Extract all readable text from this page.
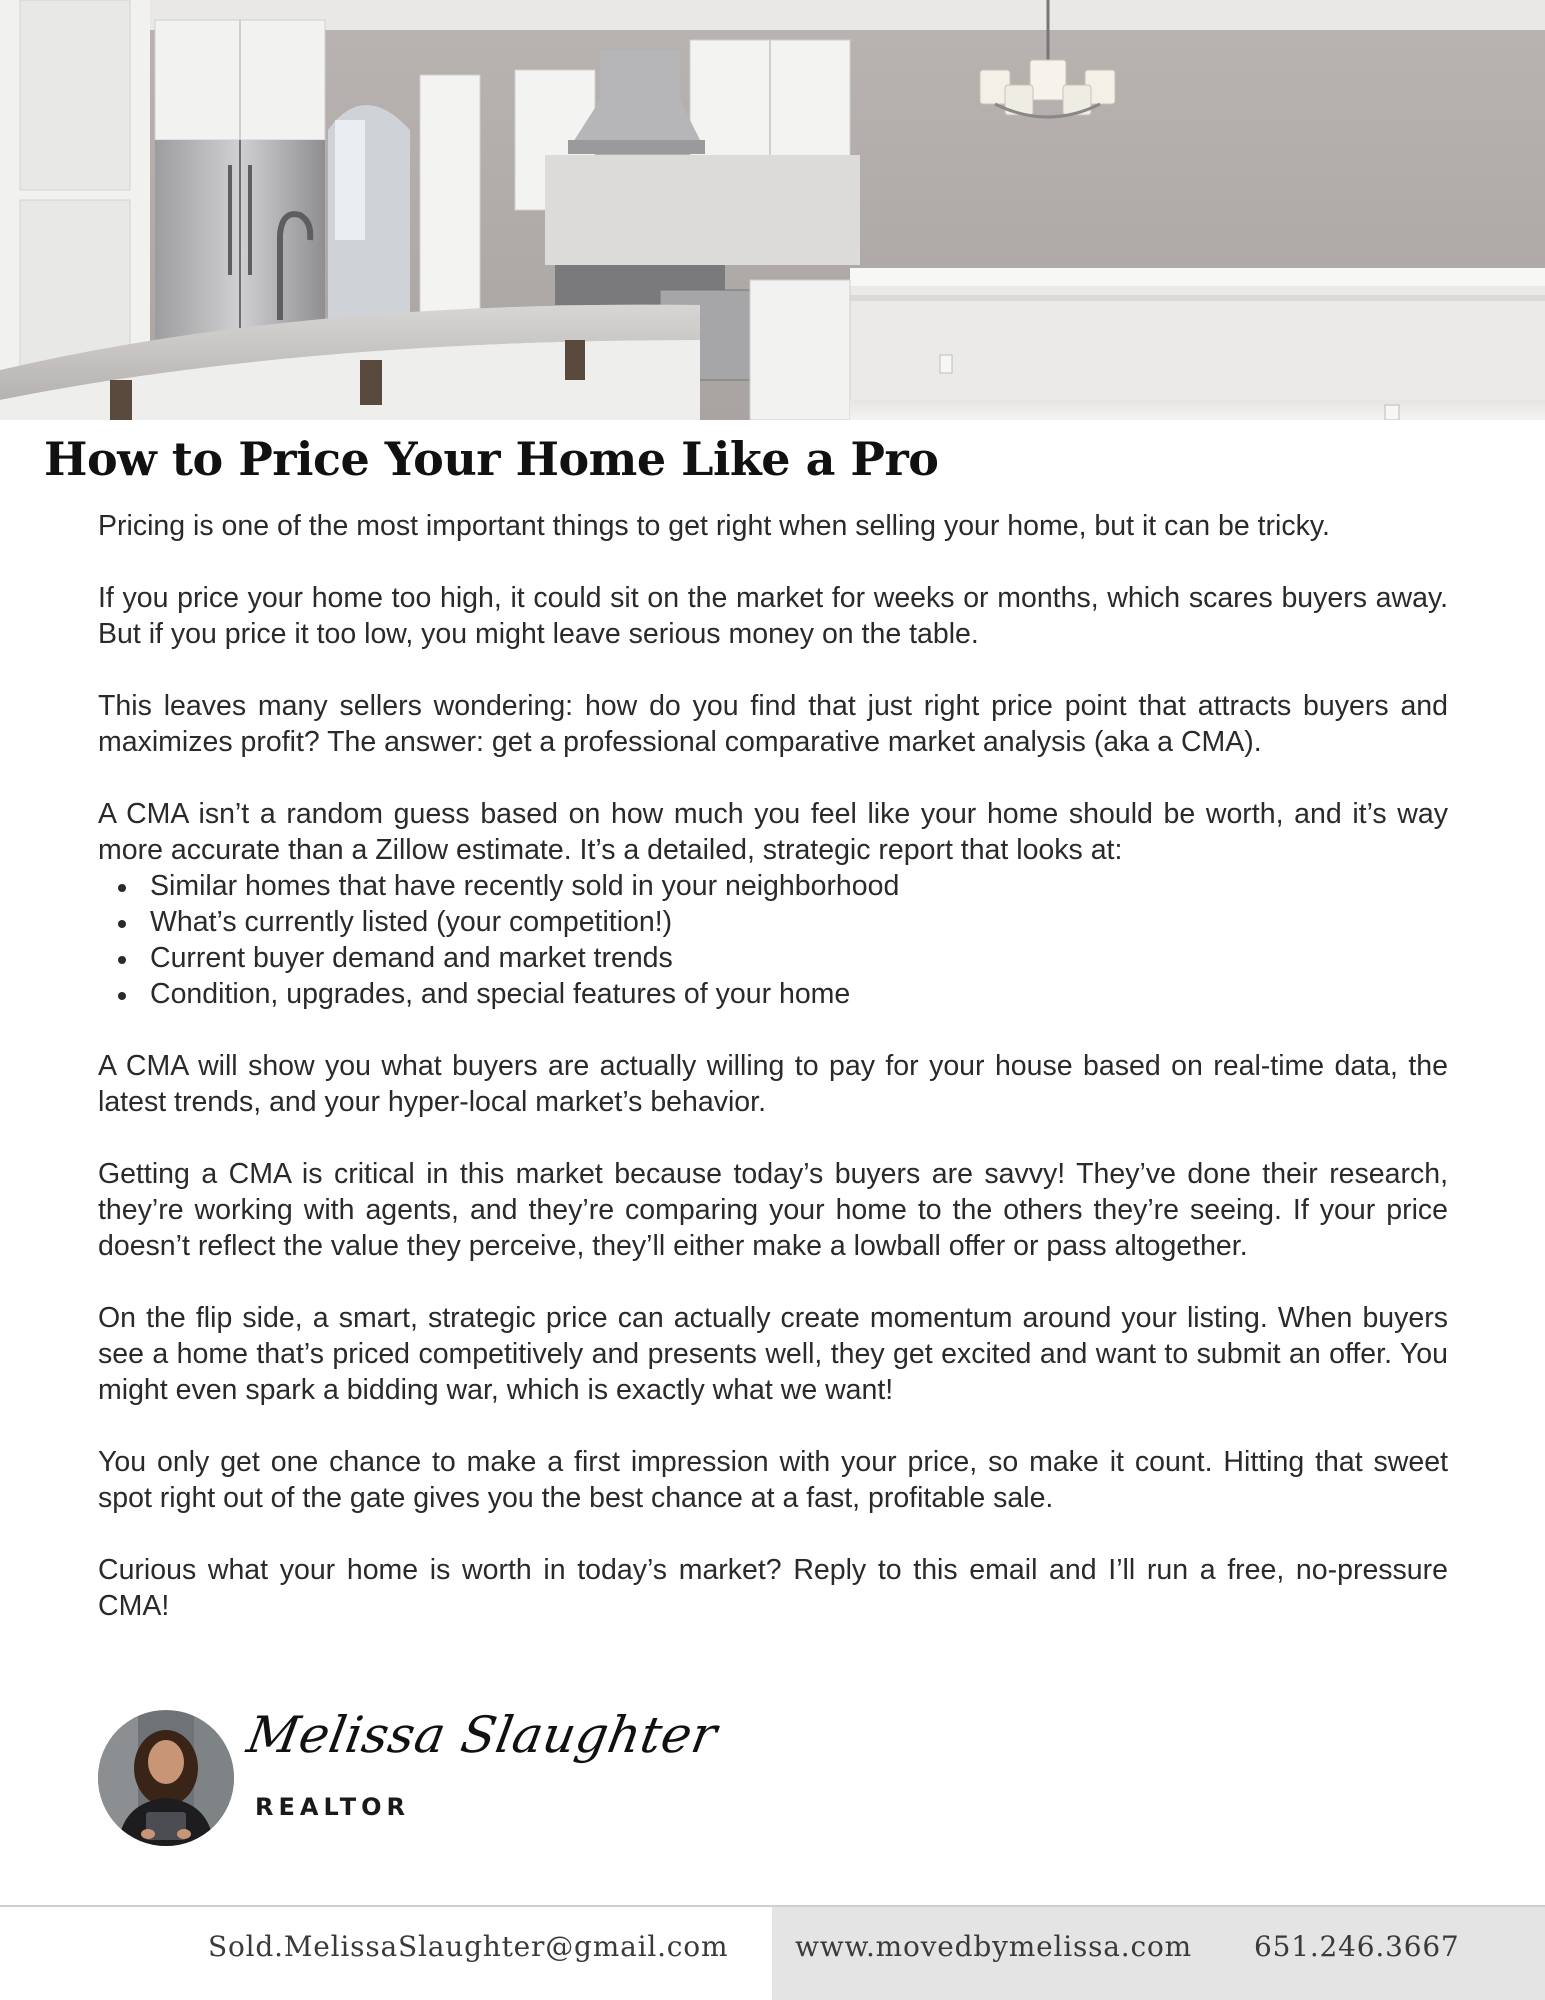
How to Price Your Home Like a Pro

Pricing is one of the most important things to get right when selling your home, but it can be tricky.

If you price your home too high, it could sit on the market for weeks or months, which scares buyers away. But if you price it too low, you might leave serious money on the table.

This leaves many sellers wondering: how do you find that just right price point that attracts buyers and maximizes profit? The answer: get a professional comparative market analysis (aka a CMA).

A CMA isn’t a random guess based on how much you feel like your home should be worth, and it’s way more accurate than a Zillow estimate. It’s a detailed, strategic report that looks at:

Similar homes that have recently sold in your neighborhood
What’s currently listed (your competition!)
Current buyer demand and market trends
Condition, upgrades, and special features of your home

A CMA will show you what buyers are actually willing to pay for your house based on real-time data, the latest trends, and your hyper-local market’s behavior.

Getting a CMA is critical in this market because today’s buyers are savvy! They’ve done their research, they’re working with agents, and they’re comparing your home to the others they’re seeing. If your price doesn’t reflect the value they perceive, they’ll either make a lowball offer or pass altogether.

On the flip side, a smart, strategic price can actually create momentum around your listing. When buyers see a home that’s priced competitively and presents well, they get excited and want to submit an offer. You might even spark a bidding war, which is exactly what we want!

You only get one chance to make a first impression with your price, so make it count. Hitting that sweet spot right out of the gate gives you the best chance at a fast, profitable sale.

Curious what your home is worth in today’s market? Reply to this email and I’ll run a free, no-pressure CMA!

Melissa Slaughter
REALTOR
Sold.MelissaSlaughter@gmail.com www.movedbymelissa.com 651.246.3667
